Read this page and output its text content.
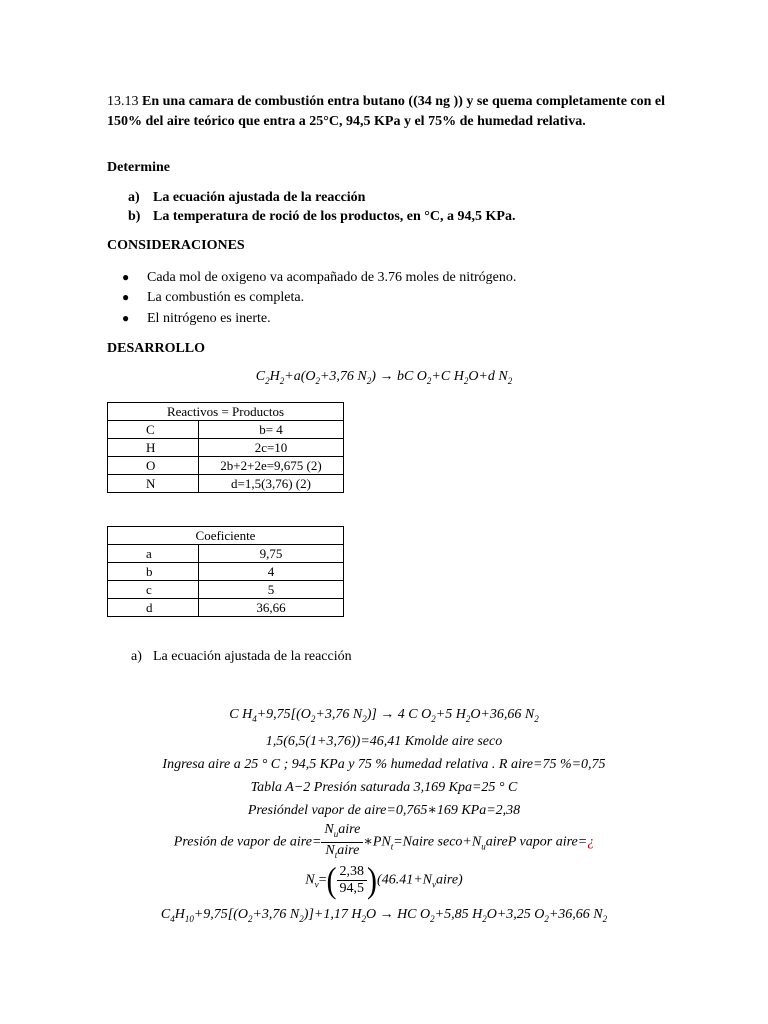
13.13 En una camara de combustión entra butano ((34 ng )) y se quema completamente con el 150% del aire teórico que entra a 25°C, 94,5 KPa y el 75% de humedad relativa.
Determine
a) La ecuación ajustada de la reacción
b) La temperatura de roció de los productos, en °C, a 94,5 KPa.
CONSIDERACIONES
● Cada mol de oxigeno va acompañado de 3.76 moles de nitrógeno.
● La combustión es completa.
● El nitrógeno es inerte.
DESARROLLO
$C_2H_2+a(O_2+3,76$ $N_2$) → bC $O_2+C$ $H_2O+d$ $N_2$
Reactivos = Productos	
C	b= 4
H	2c=10
O	2b+2+2e=9,675 (2)
N	d=1,5(3,76) (2)
Coeficiente	
a	9,75
b	4
c	5
d	36,66
a) La ecuación ajustada de la reacción
C $H_4+9,75[(O_2+3,76$ $N_2)] \to 4$ C $O_2+5$ $H_2O+36,66$ $N_2$
1,5(6,5(1+3,76))=46,41 Kmolde aire seco
Ingresa aire a 25 ° C ; 94,5 KPa y 75 % humedad relativa . R aire=75 %=0,75
Tabla A−2 Presión saturada 3,169 Kpa=25 ° C
Presióndel vapor de aire=0,765∗169 KPa=2,38
Presión de vapor de aire= $\frac{N_uaire}{N_taire}$ $∗PN_t=Naire$ $\sec o+N_uaireP$ vapor aire=¿
$N_v=( \frac{2,38}{94,5}$ )$(46.41+N_vaire)$
$C_4H_{10}+9,75[(O_2+3,76$ $N_2)]+1,17$ $H_2O$ → HC $O_2+5,85$ $H_2O+3,25$ $O_2+36,66$ $N_2$
